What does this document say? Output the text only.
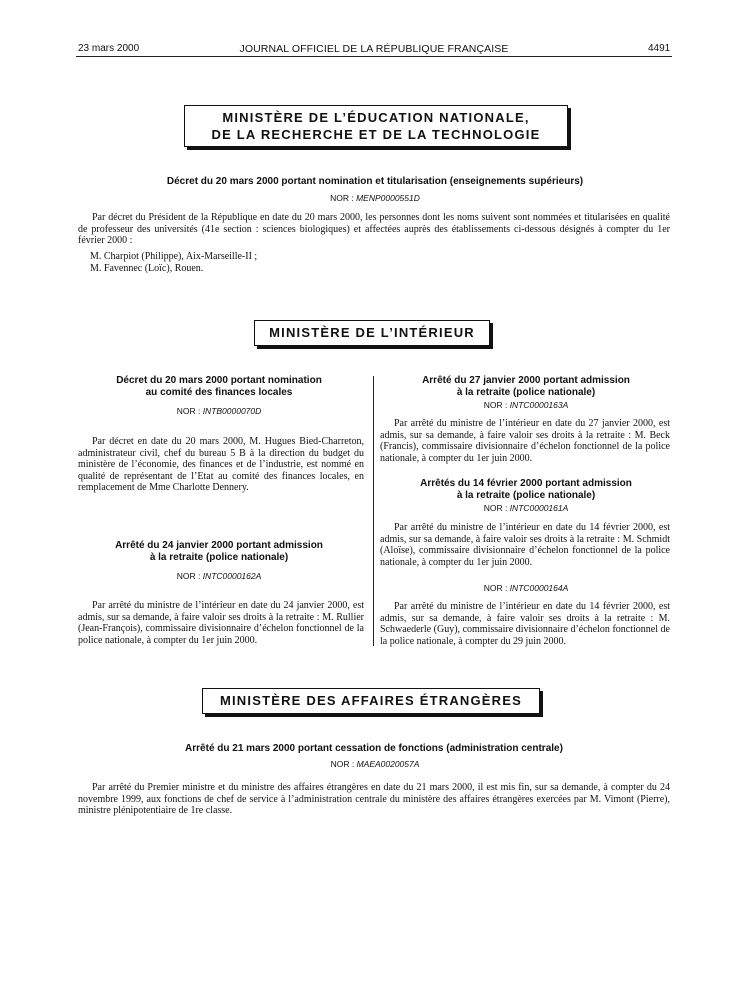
23 mars 2000	JOURNAL OFFICIEL DE LA RÉPUBLIQUE FRANÇAISE	4491
MINISTÈRE DE L’ÉDUCATION NATIONALE,
DE LA RECHERCHE ET DE LA TECHNOLOGIE
Décret du 20 mars 2000 portant nomination et titularisation (enseignements supérieurs)
NOR : MENP0000551D
Par décret du Président de la République en date du 20 mars 2000, les personnes dont les noms suivent sont nommées et titularisées en qualité de professeur des universités (41e section : sciences biologiques) et affectées auprès des établissements ci-dessous désignés à compter du 1er février 2000 :
M. Charpiot (Philippe), Aix-Marseille-II ;
M. Favennec (Loïc), Rouen.
MINISTÈRE DE L’INTÉRIEUR
Décret du 20 mars 2000 portant nomination
au comité des finances locales
NOR : INTB0000070D
Par décret en date du 20 mars 2000, M. Hugues Bied-Charreton, administrateur civil, chef du bureau 5 B à la direction du budget du ministère de l’économie, des finances et de l’industrie, est nommé en qualité de représentant de l’Etat au comité des finances locales, en remplacement de Mme Charlotte Dennery.
Arrêté du 24 janvier 2000 portant admission
à la retraite (police nationale)
NOR : INTC0000162A
Par arrêté du ministre de l’intérieur en date du 24 janvier 2000, est admis, sur sa demande, à faire valoir ses droits à la retraite : M. Rullier (Jean-François), commissaire divisionnaire d’échelon fonctionnel de la police nationale, à compter du 1er juin 2000.
Arrêté du 27 janvier 2000 portant admission
à la retraite (police nationale)
NOR : INTC0000163A
Par arrêté du ministre de l’intérieur en date du 27 janvier 2000, est admis, sur sa demande, à faire valoir ses droits à la retraite : M. Beck (Francis), commissaire divisionnaire d’échelon fonctionnel de la police nationale, à compter du 1er juin 2000.
Arrêtés du 14 février 2000 portant admission
à la retraite (police nationale)
NOR : INTC0000161A
Par arrêté du ministre de l’intérieur en date du 14 février 2000, est admis, sur sa demande, à faire valoir ses droits à la retraite : M. Schmidt (Aloïse), commissaire divisionnaire d’échelon fonctionnel de la police nationale, à compter du 1er juin 2000.
NOR : INTC0000164A
Par arrêté du ministre de l’intérieur en date du 14 février 2000, est admis, sur sa demande, à faire valoir ses droits à la retraite : M. Schwaederle (Guy), commissaire divisionnaire d’échelon fonctionnel de la police nationale, à compter du 29 juin 2000.
MINISTÈRE DES AFFAIRES ÉTRANGÈRES
Arrêté du 21 mars 2000 portant cessation de fonctions (administration centrale)
NOR : MAEA0020057A
Par arrêté du Premier ministre et du ministre des affaires étrangères en date du 21 mars 2000, il est mis fin, sur sa demande, à compter du 24 novembre 1999, aux fonctions de chef de service à l’administration centrale du ministère des affaires étrangères exercées par M. Vimont (Pierre), ministre plénipotentiaire de 1re classe.
